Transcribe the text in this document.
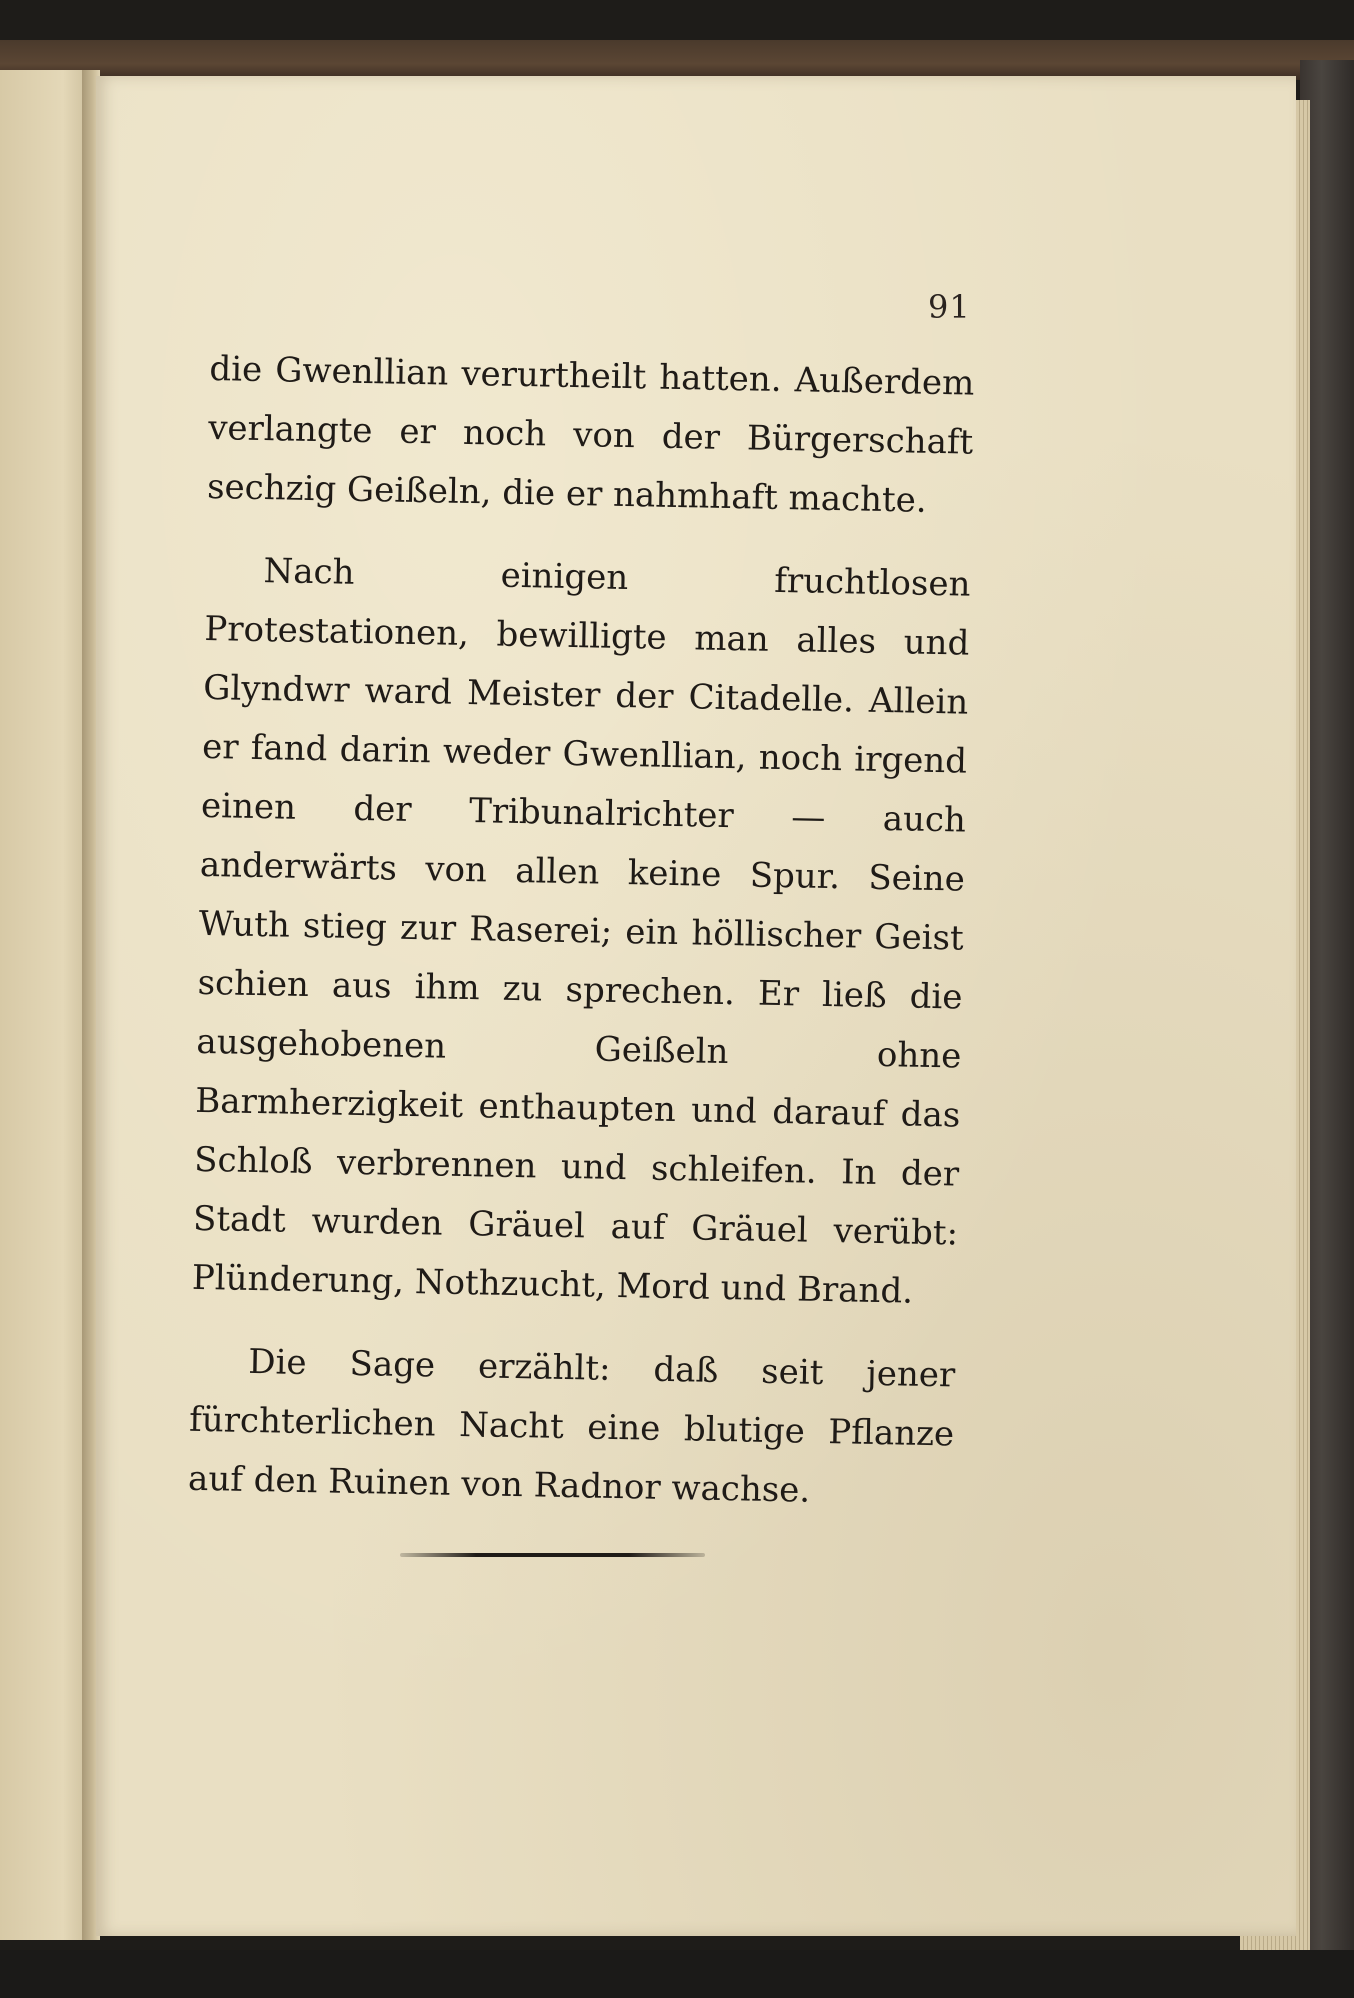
91

die Gwenllian verurtheilt hatten. Außerdem verlangte er noch von der Bürgerschaft sechzig Geißeln, die er nahmhaft machte.

Nach einigen fruchtlosen Protestationen, bewilligte man alles und Glyndwr ward Meister der Citadelle. Allein er fand darin weder Gwenllian, noch irgend einen der Tribunalrichter — auch anderwärts von allen keine Spur. Seine Wuth stieg zur Raserei; ein höllischer Geist schien aus ihm zu sprechen. Er ließ die ausgehobenen Geißeln ohne Barmherzigkeit enthaupten und darauf das Schloß verbrennen und schleifen. In der Stadt wurden Gräuel auf Gräuel verübt: Plünderung, Nothzucht, Mord und Brand.

Die Sage erzählt: daß seit jener fürchterlichen Nacht eine blutige Pflanze auf den Ruinen von Radnor wachse.
